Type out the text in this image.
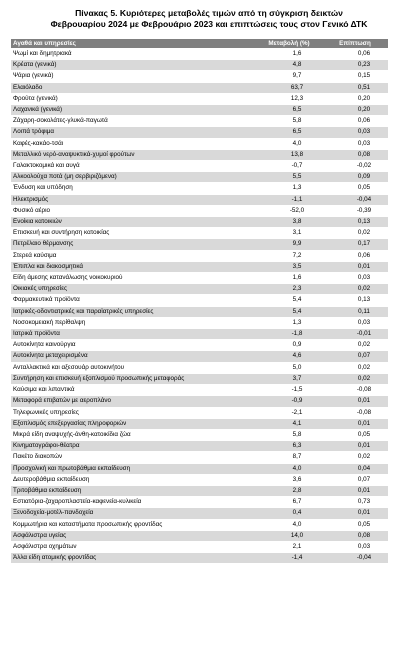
Πίνακας 5. Κυριότερες μεταβολές τιμών από τη σύγκριση δεικτών
Φεβρουαρίου 2024 με Φεβρουάριο 2023 και επιπτώσεις τους στον Γενικό ΔΤΚ
Αγαθά και υπηρεσίες	Μεταβολή (%)	Επίπτωση
Ψωμί και δημητριακά	1,6	0,06
Κρέατα (γενικά)	4,8	0,23
Ψάρια (γενικά)	9,7	0,15
Ελαιόλαδο	63,7	0,51
Φρούτα (γενικά)	12,3	0,20
Λαχανικά (γενικά)	6,5	0,20
Ζάχαρη-σοκολάτες-γλυκά-παγωτά	5,8	0,06
Λοιπά τρόφιμα	6,5	0,03
Καφές-κακάο-τσάι	4,0	0,03
Μεταλλικό νερό-αναψυκτικά-χυμοί φρούτων	13,8	0,08
Γαλακτοκομικά και αυγά	-0,7	-0,02
Αλκοολούχα ποτά (μη σερβιριζόμενα)	5,5	0,09
Ένδυση και υπόδηση	1,3	0,05
Ηλεκτρισμός	-1,1	-0,04
Φυσικό αέριο	-52,0	-0,39
Ενοίκια κατοικιών	3,8	0,13
Επισκευή και συντήρηση κατοικίας	3,1	0,02
Πετρέλαιο θέρμανσης	9,9	0,17
Στερεά καύσιμα	7,2	0,06
Έπιπλα και διακοσμητικά	3,5	0,01
Είδη άμεσης κατανάλωσης νοικοκυριού	1,6	0,03
Οικιακές υπηρεσίες	2,3	0,02
Φαρμακευτικά προϊόντα	5,4	0,13
Ιατρικές-οδοντιατρικές και παραϊατρικές υπηρεσίες	5,4	0,11
Νοσοκομειακή περίθαλψη	1,3	0,03
Ιατρικά προϊόντα	-1,8	-0,01
Αυτοκίνητα καινούργια	0,9	0,02
Αυτοκίνητα μεταχειρισμένα	4,6	0,07
Ανταλλακτικά και αξεσουάρ αυτοκινήτου	5,0	0,02
Συντήρηση και επισκευή εξοπλισμού προσωπικής μεταφοράς	3,7	0,02
Καύσιμα και λιπαντικά	-1,5	-0,08
Μεταφορά επιβατών με αεροπλάνο	-0,9	0,01
Τηλεφωνικές υπηρεσίες	-2,1	-0,08
Εξοπλισμός επεξεργασίας πληροφοριών	4,1	0,01
Μικρά είδη αναψυχής-άνθη-κατοικίδια ζώα	5,8	0,05
Κινηματογράφοι-θέατρα	6,3	0,01
Πακέτο διακοπών	8,7	0,02
Προσχολική και πρωτοβάθμια εκπαίδευση	4,0	0,04
Δευτεροβάθμια εκπαίδευση	3,6	0,07
Τριτοβάθμια εκπαίδευση	2,8	0,01
Εστιατόρια-ζαχαροπλαστεία-καφενεία-κυλικεία	6,7	0,73
Ξενοδοχεία-μοτέλ-πανδοχεία	0,4	0,01
Κομμωτήρια και καταστήματα προσωπικής φροντίδας	4,0	0,05
Ασφάλιστρα υγείας	14,0	0,08
Ασφάλιστρα οχημάτων	2,1	0,03
Άλλα είδη ατομικής φροντίδας	-1,4	-0,04
